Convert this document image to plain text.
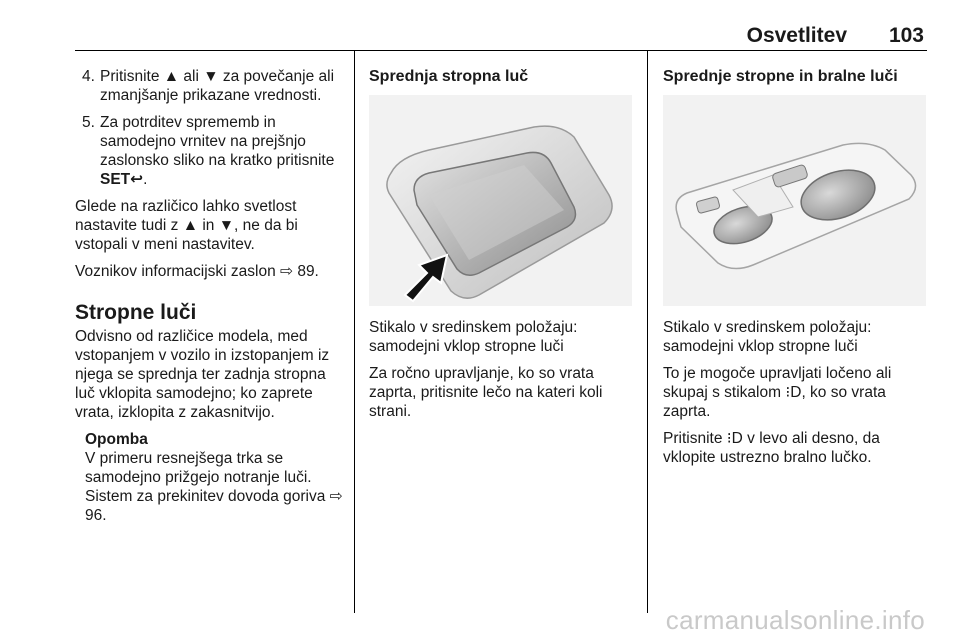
Osvetlitev 103
4. Pritisnite ▲ ali ▼ za povečanje ali zmanjšanje prikazane vrednosti.
5. Za potrditev sprememb in samodejno vrnitev na prejšnjo zaslonsko sliko na kratko pritisnite SET↩.

Glede na različico lahko svetlost nastavite tudi z ▲ in ▼, ne da bi vstopali v meni nastavitev.

Voznikov informacijski zaslon ⇨ 89.

Stropne luči

Odvisno od različice modela, med vstopanjem v vozilo in izstopanjem iz njega se sprednja ter zadnja stropna luč vklopita samodejno; ko zaprete vrata, izklopita z zakasnitvijo.

Opomba
V primeru resnejšega trka se samodejno prižgejo notranje luči. Sistem za prekinitev dovoda goriva ⇨ 96.
Sprednja stropna luč

Stikalo v sredinskem položaju: samodejni vklop stropne luči

Za ročno upravljanje, ko so vrata zaprta, pritisnite lečo na kateri koli strani.

Sprednje stropne in bralne luči

Stikalo v sredinskem položaju: samodejni vklop stropne luči

To je mogoče upravljati ločeno ali skupaj s stikalom ⁝D, ko so vrata zaprta.

Pritisnite ⁝D v levo ali desno, da vklopite ustrezno bralno lučko.

carmanualsonline.info
